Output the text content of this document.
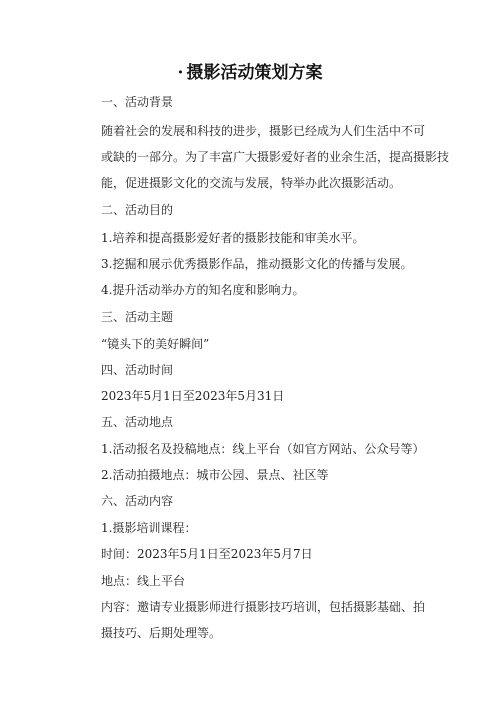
· 摄影活动策划方案
一、活动背景
随着社会的发展和科技的进步，摄影已经成为人们生活中不可
或缺的一部分。为了丰富广大摄影爱好者的业余生活，提高摄影技
能，促进摄影文化的交流与发展，特举办此次摄影活动。
二、活动目的
1.培养和提高摄影爱好者的摄影技能和审美水平。
3.挖掘和展示优秀摄影作品，推动摄影文化的传播与发展。
4.提升活动举办方的知名度和影响力。
三、活动主题
“镜头下的美好瞬间”
四、活动时间
2023年5月1日至2023年5月31日
五、活动地点
1.活动报名及投稿地点：线上平台（如官方网站、公众号等）
2.活动拍摄地点：城市公园、景点、社区等
六、活动内容
1.摄影培训课程：
时间：2023年5月1日至2023年5月7日
地点：线上平台
内容：邀请专业摄影师进行摄影技巧培训，包括摄影基础、拍
摄技巧、后期处理等。
